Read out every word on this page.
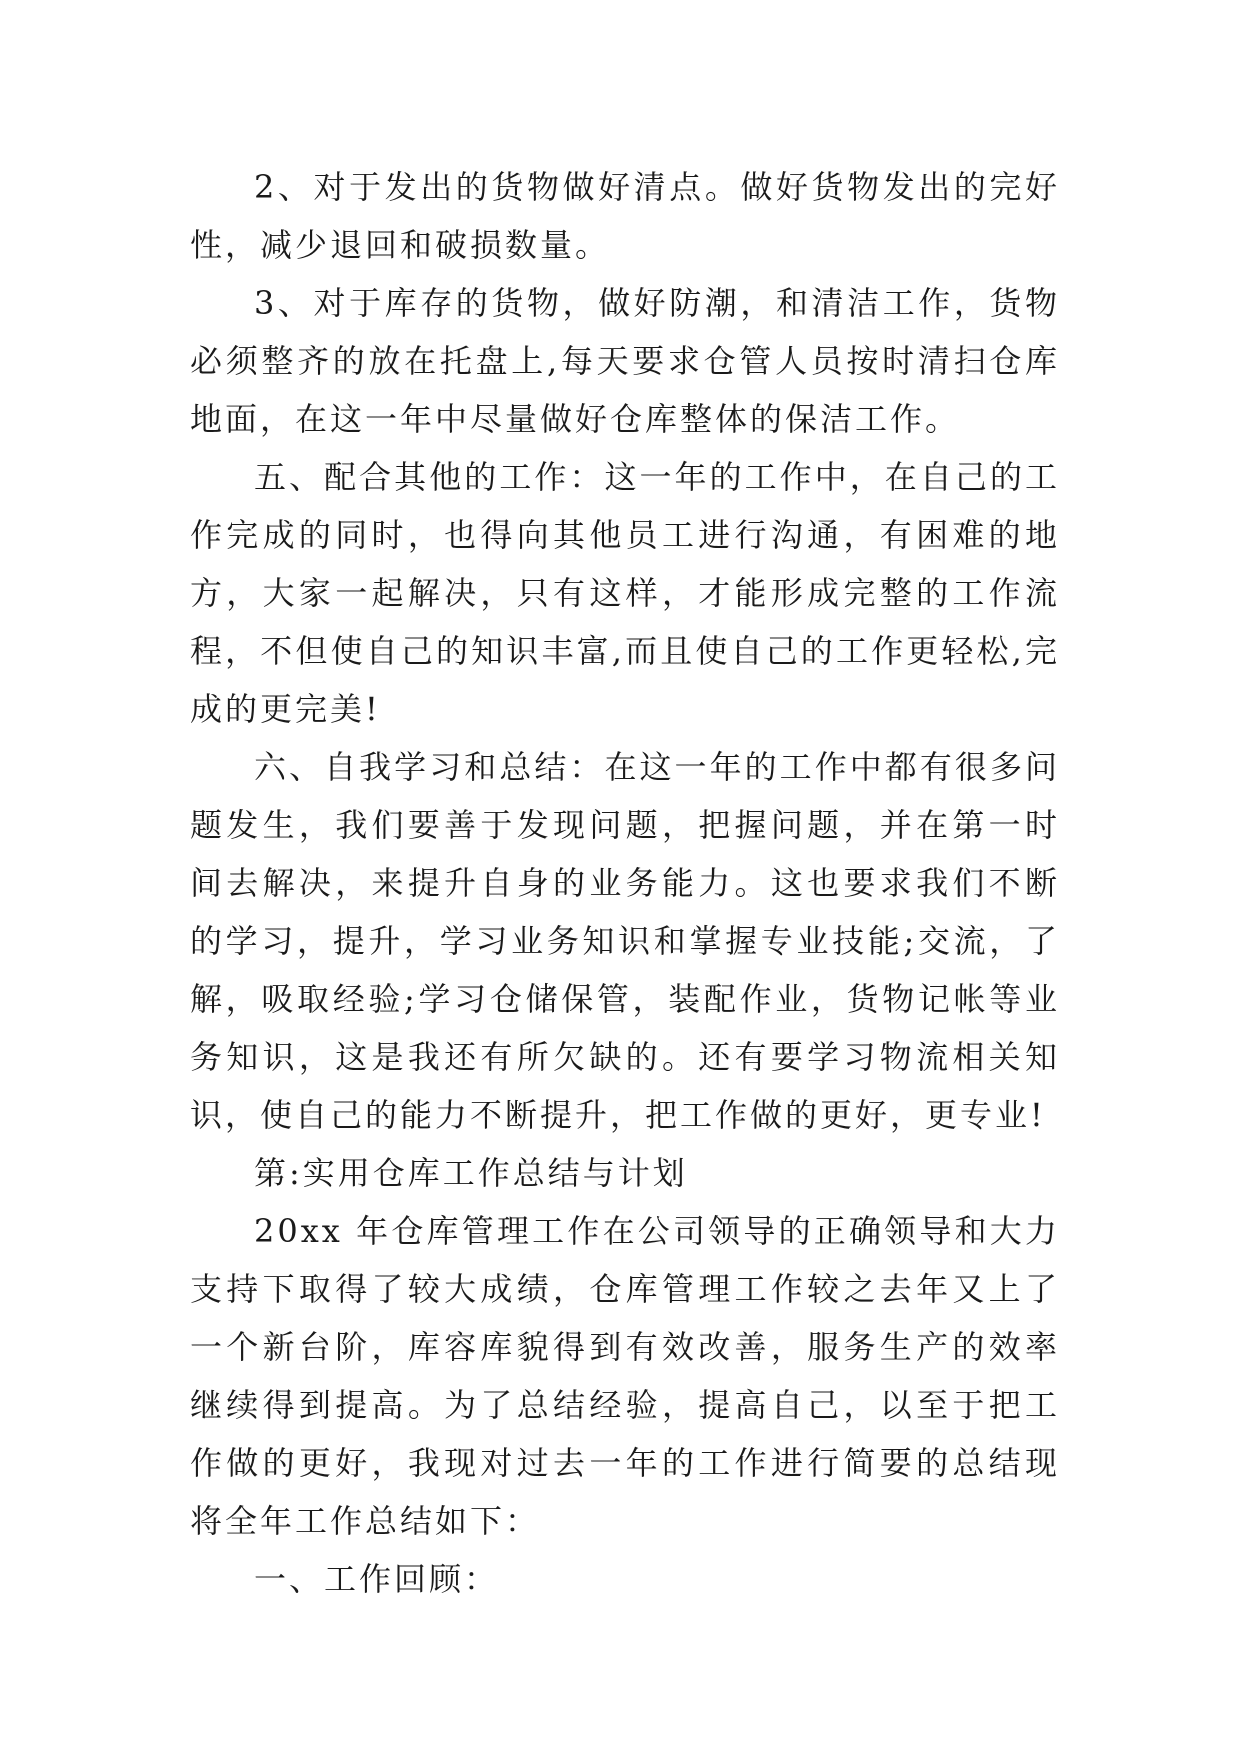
2、对于发出的货物做好清点。做好货物发出的完好性，减少退回和破损数量。

3、对于库存的货物，做好防潮，和清洁工作，货物必须整齐的放在托盘上,每天要求仓管人员按时清扫仓库地面，在这一年中尽量做好仓库整体的保洁工作。

五、配合其他的工作：这一年的工作中，在自己的工作完成的同时，也得向其他员工进行沟通，有困难的地方，大家一起解决，只有这样，才能形成完整的工作流程，不但使自己的知识丰富,而且使自己的工作更轻松,完成的更完美!

六、自我学习和总结：在这一年的工作中都有很多问题发生，我们要善于发现问题，把握问题，并在第一时间去解决，来提升自身的业务能力。这也要求我们不断的学习，提升，学习业务知识和掌握专业技能;交流，了解，吸取经验;学习仓储保管，装配作业，货物记帐等业务知识，这是我还有所欠缺的。还有要学习物流相关知识，使自己的能力不断提升，把工作做的更好，更专业!

第:实用仓库工作总结与计划

20xx 年仓库管理工作在公司领导的正确领导和大力支持下取得了较大成绩，仓库管理工作较之去年又上了一个新台阶，库容库貌得到有效改善，服务生产的效率继续得到提高。为了总结经验，提高自己，以至于把工作做的更好，我现对过去一年的工作进行简要的总结现将全年工作总结如下：

一、工作回顾：
